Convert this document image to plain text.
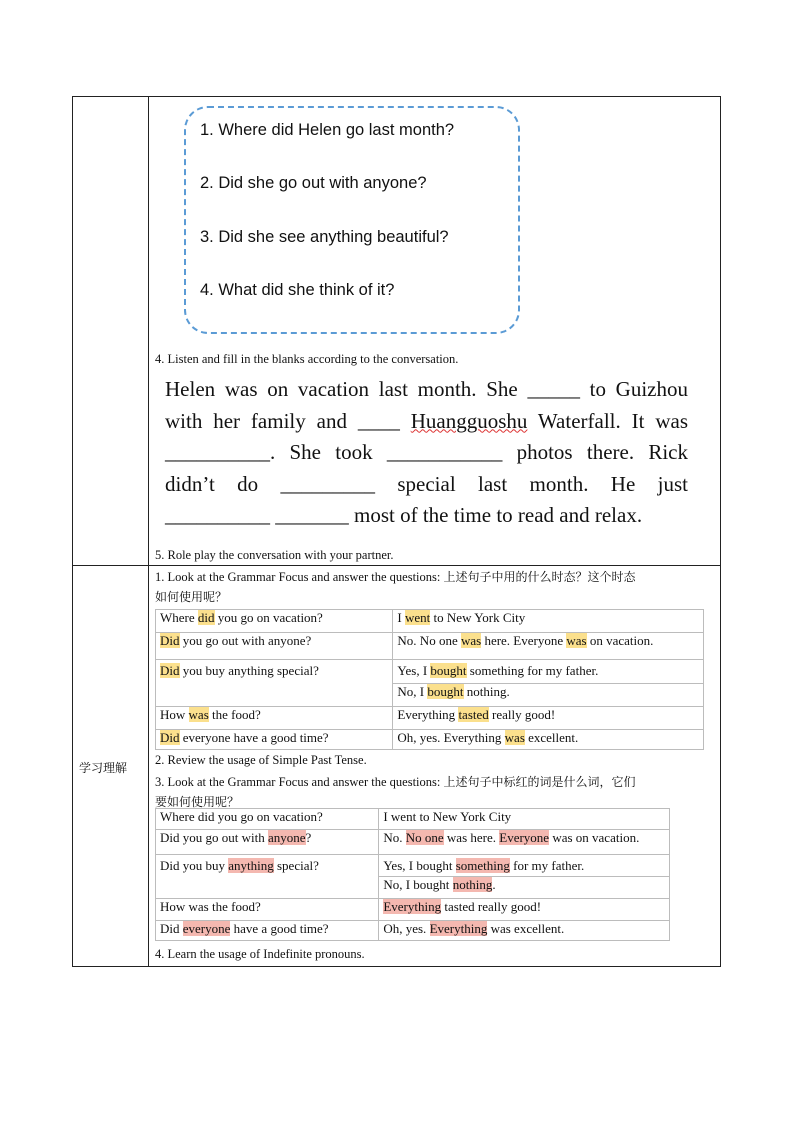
学习理解
1. Where did Helen go last month?
2. Did she go out with anyone?
3. Did she see anything beautiful?
4. What did she think of it?
4. Listen and fill in the blanks according to the conversation.
Helen was on vacation last month. She _____ to Guizhou
with her family and ____ Huangguoshu Waterfall. It was
__________. She took ___________ photos there. Rick
didn’t do _________ special last month. He just
__________ _______ most of the time to read and relax.
5. Role play the conversation with your partner.
1. Look at the Grammar Focus and answer the questions: 上述句子中用的什么时态？这个时态
如何使用呢？
Where did you go on vacation?	I went to New York City
Did you go out with anyone?	No. No one was here. Everyone was on vacation.
Did you buy anything special?	Yes, I bought something for my father.
	No, I bought nothing.
How was the food?	Everything tasted really good!
Did everyone have a good time?	Oh, yes. Everything was excellent.
2. Review the usage of Simple Past Tense.
3. Look at the Grammar Focus and answer the questions: 上述句子中标红的词是什么词，它们
要如何使用呢？
Where did you go on vacation?	I went to New York City
Did you go out with anyone?	No. No one was here. Everyone was on vacation.
Did you buy anything special?	Yes, I bought something for my father.
	No, I bought nothing.
How was the food?	Everything tasted really good!
Did everyone have a good time?	Oh, yes. Everything was excellent.
4. Learn the usage of Indefinite pronouns.
